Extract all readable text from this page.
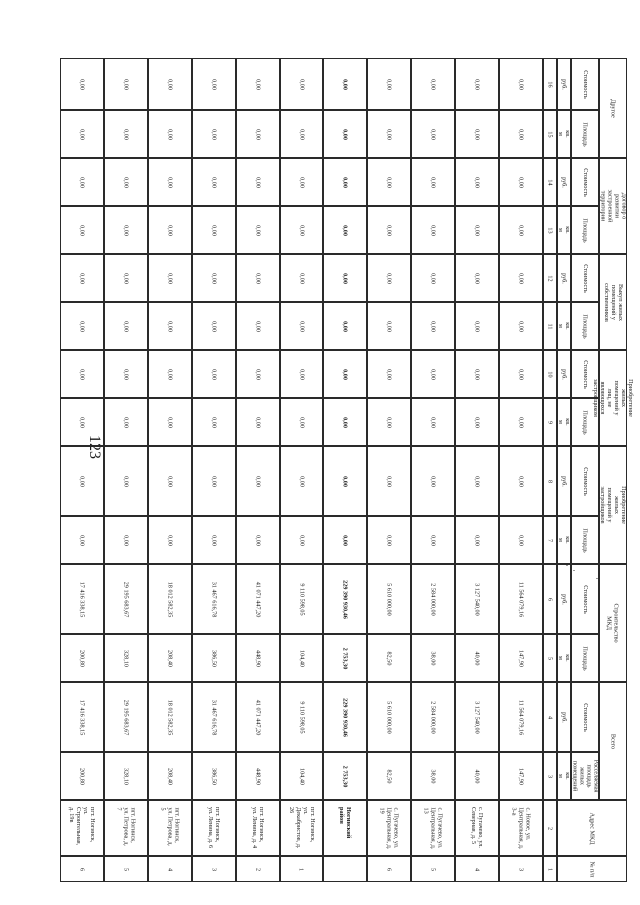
123
№ п/п
Адрес МКД
Всего
Расселяемая площадь жилых помещений
Стоимость
кв. м
руб.
Строительство МКД
Площадь
Стоимость
кв. м
руб.
Приобретение жилых помещений у застройщиков
Площадь
Стоимость
кв. м
руб.
Приобретение жилых помещений у лиц, не являющихся застройщиком
Площадь
Стоимость
кв. м
руб.
Выкуп жилых помещений у собственников
Площадь
Стоимость
кв. м
руб.
Договор о развитии застроенной территории
Площадь
Стоимость
кв. м
руб.
Другое
Площадь
Стоимость
кв. м
руб.
1
2
3
4
5
6
7
8
9
10
11
12
13
14
15
16
3
с. Новое, ул. Центральная, д. 3-а
147,90
11 564 079,16
147,90
11 564 079,16
0,00
0,00
0,00
0,00
0,00
0,00
0,00
0,00
0,00
0,00
4
с. Пугачево, ул. Северная, д. 5
40,00
3 127 540,00
40,00
3 127 540,00
0,00
0,00
0,00
0,00
0,00
0,00
0,00
0,00
0,00
0,00
5
с. Пугачево, ул. Центральная, д. 13
38,00
2 584 000,00
38,00
2 584 000,00
0,00
0,00
0,00
0,00
0,00
0,00
0,00
0,00
0,00
0,00
6
с. Пугачево, ул. Центральная, д. 19
82,50
5 610 000,00
82,50
5 610 000,00
0,00
0,00
0,00
0,00
0,00
0,00
0,00
0,00
0,00
0,00
Ногинский район
2 753,30
229 390 930,46
2 753,30
229 390 930,46
0,00
0,00
0,00
0,00
0,00
0,00
0,00
0,00
0,00
0,00
1
пгт. Ногинск, ул. Декабристов, д. 26
104,40
9 110 598,05
104,40
9 110 598,05
0,00
0,00
0,00
0,00
0,00
0,00
0,00
0,00
0,00
0,00
2
пгт. Ногинск, ул. Ленина, д. 4
448,90
41 071 447,20
448,90
41 071 447,20
0,00
0,00
0,00
0,00
0,00
0,00
0,00
0,00
0,00
0,00
3
пгт. Ногинск, ул. Ленина, д. 6
386,50
31 467 616,78
386,50
31 467 616,78
0,00
0,00
0,00
0,00
0,00
0,00
0,00
0,00
0,00
0,00
4
пгт. Ногинск, ул. Петрова, д. 5
208,40
18 012 582,35
208,40
18 012 582,35
0,00
0,00
0,00
0,00
0,00
0,00
0,00
0,00
0,00
0,00
5
пгт. Ногинск, ул. Петрова, д. 7
328,10
29 195 683,67
328,10
29 195 683,67
0,00
0,00
0,00
0,00
0,00
0,00
0,00
0,00
0,00
0,00
6
пгт. Ногинск, ул. Строительная, д. 19в
200,80
17 416 338,15
200,80
17 416 338,15
0,00
0,00
0,00
0,00
0,00
0,00
0,00
0,00
0,00
0,00
